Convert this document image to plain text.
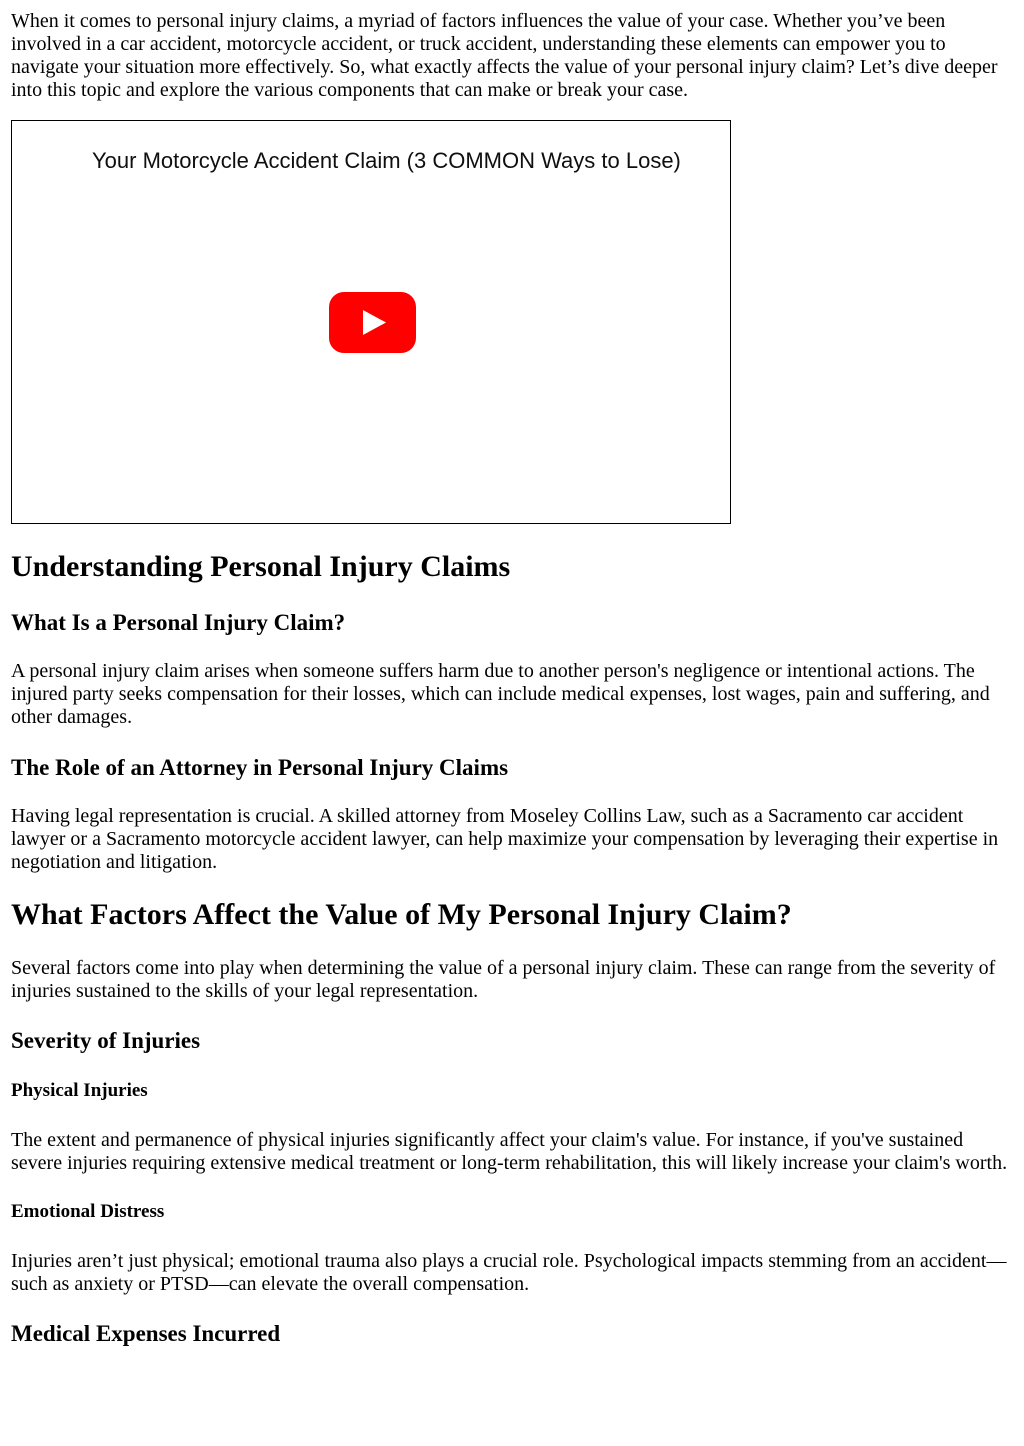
When it comes to personal injury claims, a myriad of factors influences the value of your case. Whether you’ve been involved in a car accident, motorcycle accident, or truck accident, understanding these elements can empower you to navigate your situation more effectively. So, what exactly affects the value of your personal injury claim? Let’s dive deeper into this topic and explore the various components that can make or break your case.

Your Motorcycle Accident Claim (3 COMMON Ways to Lose)
Understanding Personal Injury Claims
What Is a Personal Injury Claim?

A personal injury claim arises when someone suffers harm due to another person's negligence or intentional actions. The injured party seeks compensation for their losses, which can include medical expenses, lost wages, pain and suffering, and other damages.

The Role of an Attorney in Personal Injury Claims

Having legal representation is crucial. A skilled attorney from Moseley Collins Law, such as a Sacramento car accident lawyer or a Sacramento motorcycle accident lawyer, can help maximize your compensation by leveraging their expertise in negotiation and litigation.

What Factors Affect the Value of My Personal Injury Claim?

Several factors come into play when determining the value of a personal injury claim. These can range from the severity of injuries sustained to the skills of your legal representation.

Severity of Injuries
Physical Injuries

The extent and permanence of physical injuries significantly affect your claim's value. For instance, if you've sustained severe injuries requiring extensive medical treatment or long-term rehabilitation, this will likely increase your claim's worth.

Emotional Distress

Injuries aren’t just physical; emotional trauma also plays a crucial role. Psychological impacts stemming from an accident—such as anxiety or PTSD—can elevate the overall compensation.

Medical Expenses Incurred
